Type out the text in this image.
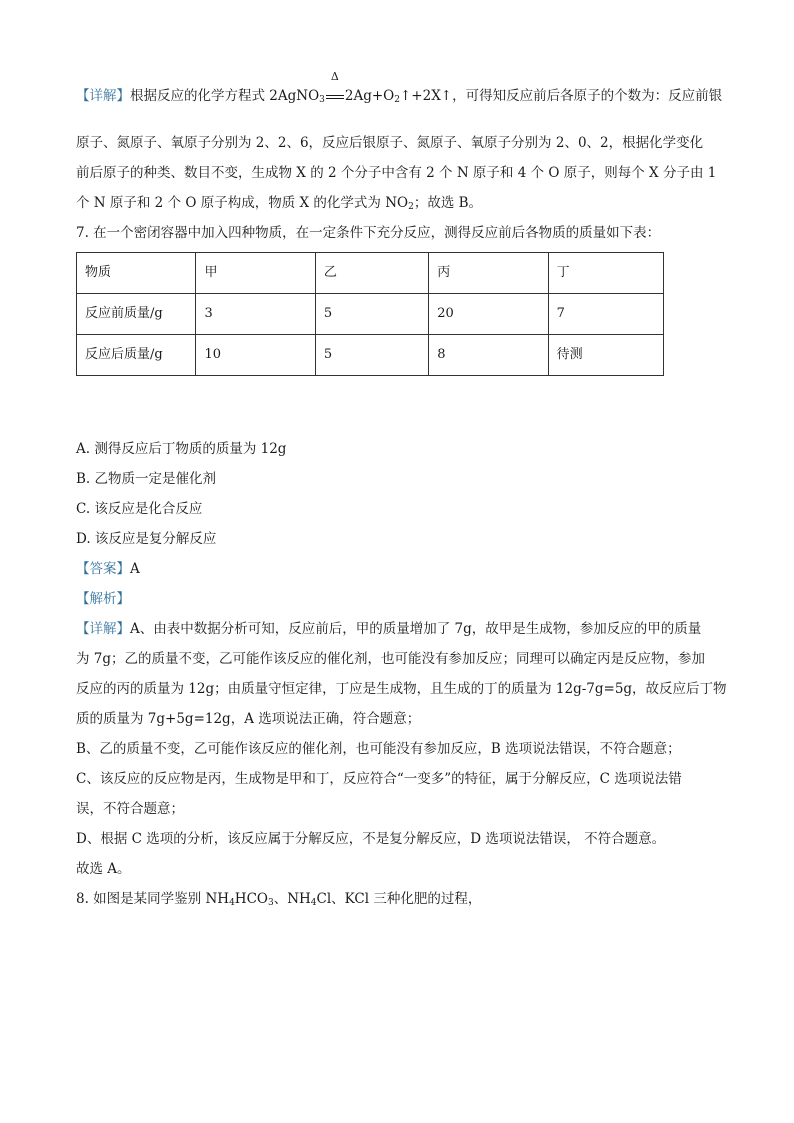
【详解】根据反应的化学方程式 2AgNO$_3$
Δ
$2Ag+O_2↑+2X↑$，可得知反应前后各原子的个数为：反应前银
原子、氮原子、氧原子分别为 2、2、6，反应后银原子、氮原子、氧原子分别为 2、0、2，根据化学变化
前后原子的种类、数目不变，生成物 X 的 2 个分子中含有 2 个 N 原子和 4 个 O 原子，则每个 X 分子由 1
个 N 原子和 2 个 O 原子构成，物质 X 的化学式为 $NO_2$；故选 B。
7. 在一个密闭容器中加入四种物质，在一定条件下充分反应，测得反应前后各物质的质量如下表：
物质	甲	乙	丙	丁
反应前质量/g	3	5	20	7
反应后质量/g	10	5	8	待测
A. 测得反应后丁物质的质量为 12g
B. 乙物质一定是催化剂
C. 该反应是化合反应
D. 该反应是复分解反应
【答案】A
【解析】
【详解】A、由表中数据分析可知，反应前后，甲的质量增加了 7g，故甲是生成物，参加反应的甲的质量
为 7g；乙的质量不变，乙可能作该反应的催化剂，也可能没有参加反应；同理可以确定丙是反应物，参加
反应的丙的质量为 12g；由质量守恒定律，丁应是生成物，且生成的丁的质量为 12g-7g=5g，故反应后丁物
质的质量为 7g+5g=12g，A 选项说法正确，符合题意；
B、乙的质量不变，乙可能作该反应的催化剂，也可能没有参加反应，B 选项说法错误，不符合题意；
C、该反应的反应物是丙，生成物是甲和丁，反应符合“一变多”的特征，属于分解反应，C 选项说法错
误，不符合题意；
D、根据 C 选项的分析，该反应属于分解反应，不是复分解反应，D 选项说法错误， 不符合题意。
故选 A。
8. 如图是某同学鉴别 $NH_4HCO_3$、$NH_4Cl$、KCl 三种化肥的过程，
